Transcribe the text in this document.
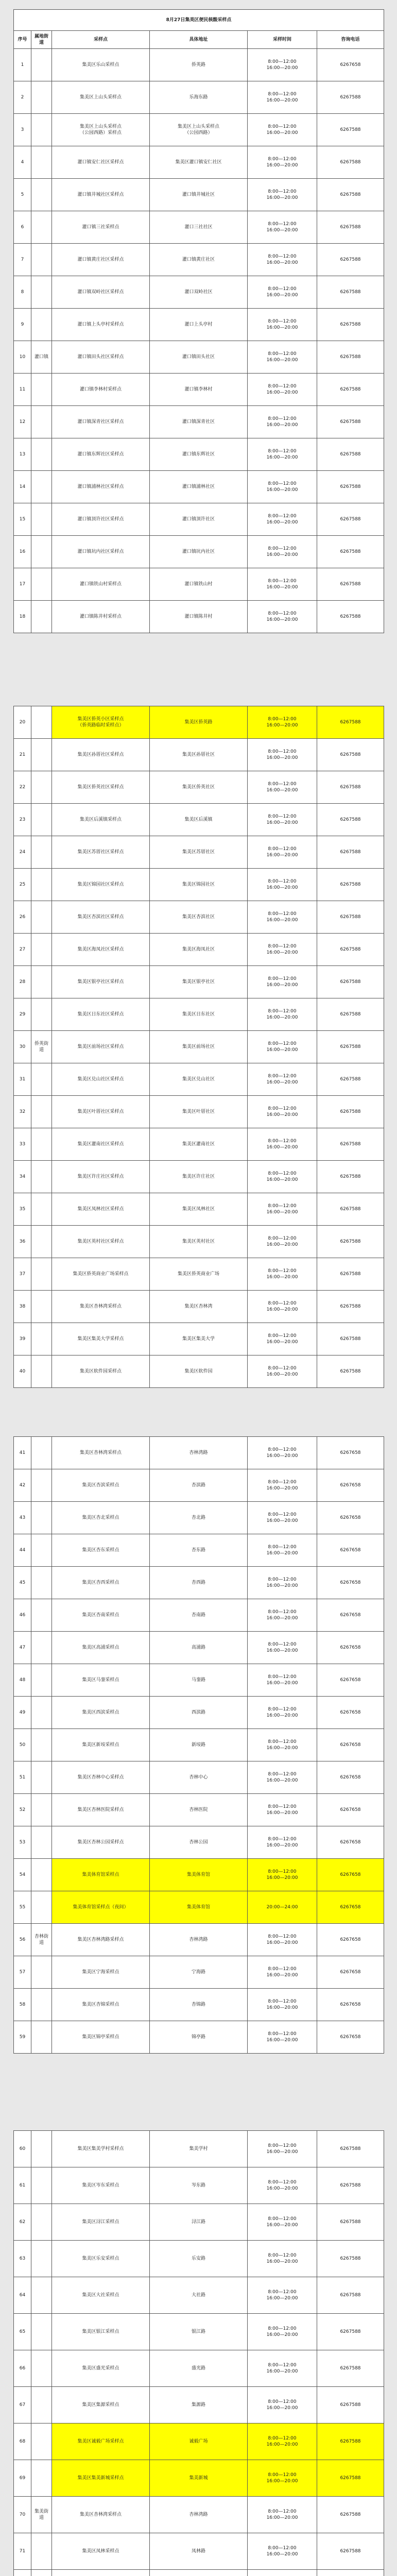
8月27日集美区便民核酸采样点					
序号	属地街道	采样点	具体地址	采样时间	咨询电话
1		集美区乐山采样点	侨英路	8:00—12:00
16:00—20:00	6267658
2		集美区上山头采样点	乐海东路	8:00—12:00
16:00—20:00	6267588
3		集美区上山头采样点
（公园西路）采样点	集美区上山头采样点
（公园西路）	8:00—12:00
16:00—20:00	6267588
4		灌口镇安仁社区采样点	集美区灌口镇安仁社区	8:00—12:00
16:00—20:00	6267588
5		灌口镇井城社区采样点	灌口镇井城社区	8:00—12:00
16:00—20:00	6267588
6		灌口镇三社采样点	灌口三社社区	8:00—12:00
16:00—20:00	6267588
7		灌口镇黄庄社区采样点	灌口镇黄庄社区	8:00—12:00
16:00—20:00	6267588
8		灌口镇双岭社区采样点	灌口双岭社区	8:00—12:00
16:00—20:00	6267588
9		灌口镇上头亭村采样点	灌口上头亭村	8:00—12:00
16:00—20:00	6267588
10	灌口镇	灌口镇田头社区采样点	灌口镇田头社区	8:00—12:00
16:00—20:00	6267588
11		灌口镇李林村采样点	灌口镇李林村	8:00—12:00
16:00—20:00	6267588
12		灌口镇深青社区采样点	灌口镇深青社区	8:00—12:00
16:00—20:00	6267588
13		灌口镇东辉社区采样点	灌口镇东辉社区	8:00—12:00
16:00—20:00	6267588
14		灌口镇浦林社区采样点	灌口镇浦林社区	8:00—12:00
16:00—20:00	6267588
15		灌口镇顶许社区采样点	灌口镇顶许社区	8:00—12:00
16:00—20:00	6267588
16		灌口镇坑内社区采样点	灌口镇坑内社区	8:00—12:00
16:00—20:00	6267588
17		灌口镇铁山村采样点	灌口镇铁山村	8:00—12:00
16:00—20:00	6267588
18		灌口镇陈井村采样点	灌口镇陈井村	8:00—12:00
16:00—20:00	6267588
20		集美区侨英小区采样点
（侨英路临时采样点）	集美区侨英路	8:00—12:00
16:00—20:00	6267588
21		集美区孙厝社区采样点	集美区孙厝社区	8:00—12:00
16:00—20:00	6267588
22		集美区侨英社区采样点	集美区侨英社区	8:00—12:00
16:00—20:00	6267588
23		集美区后溪镇采样点	集美区后溪镇	8:00—12:00
16:00—20:00	6267588
24		集美区苏厝社区采样点	集美区苏厝社区	8:00—12:00
16:00—20:00	6267588
25		集美区锦园社区采样点	集美区锦园社区	8:00—12:00
16:00—20:00	6267588
26		集美区杏滨社区采样点	集美区杏滨社区	8:00—12:00
16:00—20:00	6267588
27		集美区海凤社区采样点	集美区海凤社区	8:00—12:00
16:00—20:00	6267588
28		集美区银亭社区采样点	集美区银亭社区	8:00—12:00
16:00—20:00	6267588
29		集美区日东社区采样点	集美区日东社区	8:00—12:00
16:00—20:00	6267588
30	侨英街道	集美区前场社区采样点	集美区前场社区	8:00—12:00
16:00—20:00	6267588
31		集美区兑山社区采样点	集美区兑山社区	8:00—12:00
16:00—20:00	6267588
32		集美区叶厝社区采样点	集美区叶厝社区	8:00—12:00
16:00—20:00	6267588
33		集美区灌南社区采样点	集美区灌南社区	8:00—12:00
16:00—20:00	6267588
34		集美区许庄社区采样点	集美区许庄社区	8:00—12:00
16:00—20:00	6267588
35		集美区凤林社区采样点	集美区凤林社区	8:00—12:00
16:00—20:00	6267588
36		集美区英村社区采样点	集美区英村社区	8:00—12:00
16:00—20:00	6267588
37		集美区侨英商业广场采样点	集美区侨英商业广场	8:00—12:00
16:00—20:00	6267588
38		集美区杏林湾采样点	集美区杏林湾	8:00—12:00
16:00—20:00	6267588
39		集美区集美大学采样点	集美区集美大学	8:00—12:00
16:00—20:00	6267588
40		集美区软件园采样点	集美区软件园	8:00—12:00
16:00—20:00	6267588
41		集美区杏林湾采样点	杏林湾路	8:00—12:00
16:00—20:00	6267658
42		集美区杏滨采样点	杏滨路	8:00—12:00
16:00—20:00	6267658
43		集美区杏北采样点	杏北路	8:00—12:00
16:00—20:00	6267658
44		集美区杏东采样点	杏东路	8:00—12:00
16:00—20:00	6267658
45		集美区杏西采样点	杏西路	8:00—12:00
16:00—20:00	6267658
46		集美区杏南采样点	杏南路	8:00—12:00
16:00—20:00	6267658
47		集美区高浦采样点	高浦路	8:00—12:00
16:00—20:00	6267658
48		集美区马銮采样点	马銮路	8:00—12:00
16:00—20:00	6267658
49		集美区西滨采样点	西滨路	8:00—12:00
16:00—20:00	6267658
50		集美区新垵采样点	新垵路	8:00—12:00
16:00—20:00	6267658
51		集美区杏林中心采样点	杏林中心	8:00—12:00
16:00—20:00	6267658
52		集美区杏林医院采样点	杏林医院	8:00—12:00
16:00—20:00	6267658
53		集美区杏林公园采样点	杏林公园	8:00—12:00
16:00—20:00	6267658
54		集美体育馆采样点	集美体育馆	8:00—12:00
16:00—20:00	6267658
55		集美体育馆采样点（夜间）	集美体育馆	20:00—24:00	6267658
56	杏林街道	集美区杏林湾路采样点	杏林湾路	8:00—12:00
16:00—20:00	6267658
57		集美区宁海采样点	宁海路	8:00—12:00
16:00—20:00	6267658
58		集美区杏锦采样点	杏锦路	8:00—12:00
16:00—20:00	6267658
59		集美区锦亭采样点	锦亭路	8:00—12:00
16:00—20:00	6267658
60		集美区集美学村采样点	集美学村	8:00—12:00
16:00—20:00	6267588
61		集美区岑东采样点	岑东路	8:00—12:00
16:00—20:00	6267588
62		集美区浔江采样点	浔江路	8:00—12:00
16:00—20:00	6267588
63		集美区乐安采样点	乐安路	8:00—12:00
16:00—20:00	6267588
64		集美区大社采样点	大社路	8:00—12:00
16:00—20:00	6267588
65		集美区银江采样点	银江路	8:00—12:00
16:00—20:00	6267588
66		集美区盛光采样点	盛光路	8:00—12:00
16:00—20:00	6267588
67		集美区集源采样点	集源路	8:00—12:00
16:00—20:00	6267588
68		集美区诚毅广场采样点	诚毅广场	8:00—12:00
16:00—20:00	6267588
69		集美区集美新城采样点	集美新城	8:00—12:00
16:00—20:00	6267588
70	集美街道	集美区杏林湾采样点	杏林湾路	8:00—12:00
16:00—20:00	6267588
71		集美区凤林采样点	凤林路	8:00—12:00
16:00—20:00	6267588
